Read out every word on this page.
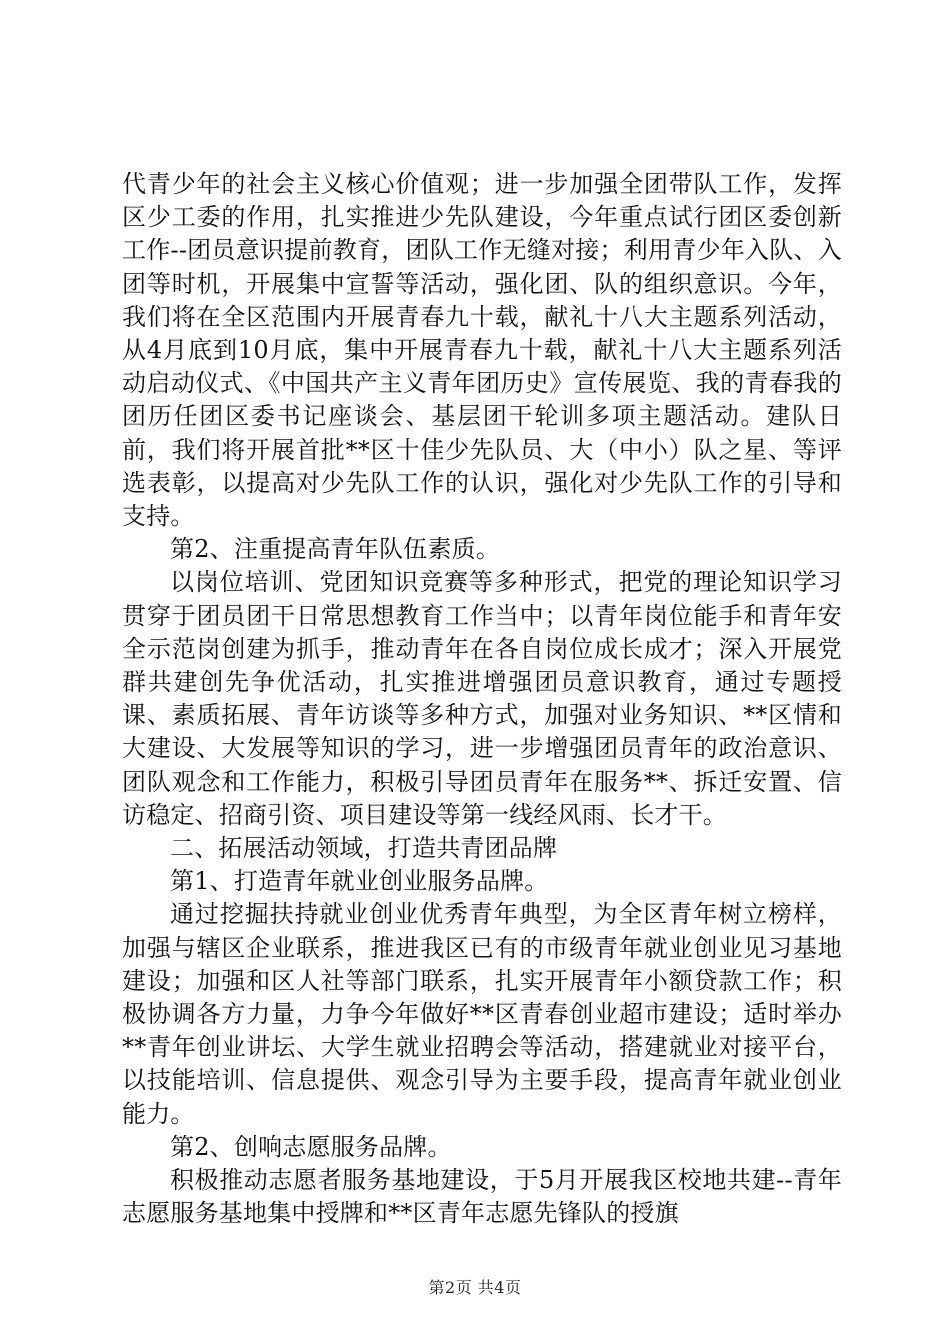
代青少年的社会主义核心价值观；进一步加强全团带队工作，发挥区少工委的作用，扎实推进少先队建设，今年重点试行团区委创新工作--团员意识提前教育，团队工作无缝对接；利用青少年入队、入团等时机，开展集中宣誓等活动，强化团、队的组织意识。今年，我们将在全区范围内开展青春九十载，献礼十八大主题系列活动，从4月底到10月底，集中开展青春九十载，献礼十八大主题系列活动启动仪式、《中国共产主义青年团历史》宣传展览、我的青春我的团历任团区委书记座谈会、基层团干轮训多项主题活动。建队日前，我们将开展首批**区十佳少先队员、大（中小）队之星、等评选表彰，以提高对少先队工作的认识，强化对少先队工作的引导和支持。

第2、注重提高青年队伍素质。

以岗位培训、党团知识竞赛等多种形式，把党的理论知识学习贯穿于团员团干日常思想教育工作当中；以青年岗位能手和青年安全示范岗创建为抓手，推动青年在各自岗位成长成才；深入开展党群共建创先争优活动，扎实推进增强团员意识教育，通过专题授课、素质拓展、青年访谈等多种方式，加强对业务知识、**区情和大建设、大发展等知识的学习，进一步增强团员青年的政治意识、团队观念和工作能力，积极引导团员青年在服务**、拆迁安置、信访稳定、招商引资、项目建设等第一线经风雨、长才干。

二、拓展活动领域，打造共青团品牌

第1、打造青年就业创业服务品牌。

通过挖掘扶持就业创业优秀青年典型，为全区青年树立榜样，加强与辖区企业联系，推进我区已有的市级青年就业创业见习基地建设；加强和区人社等部门联系，扎实开展青年小额贷款工作；积极协调各方力量，力争今年做好**区青春创业超市建设；适时举办**青年创业讲坛、大学生就业招聘会等活动，搭建就业对接平台，以技能培训、信息提供、观念引导为主要手段，提高青年就业创业能力。

第2、创响志愿服务品牌。

积极推动志愿者服务基地建设，于5月开展我区校地共建--青年志愿服务基地集中授牌和**区青年志愿先锋队的授旗

第2页 共4页
